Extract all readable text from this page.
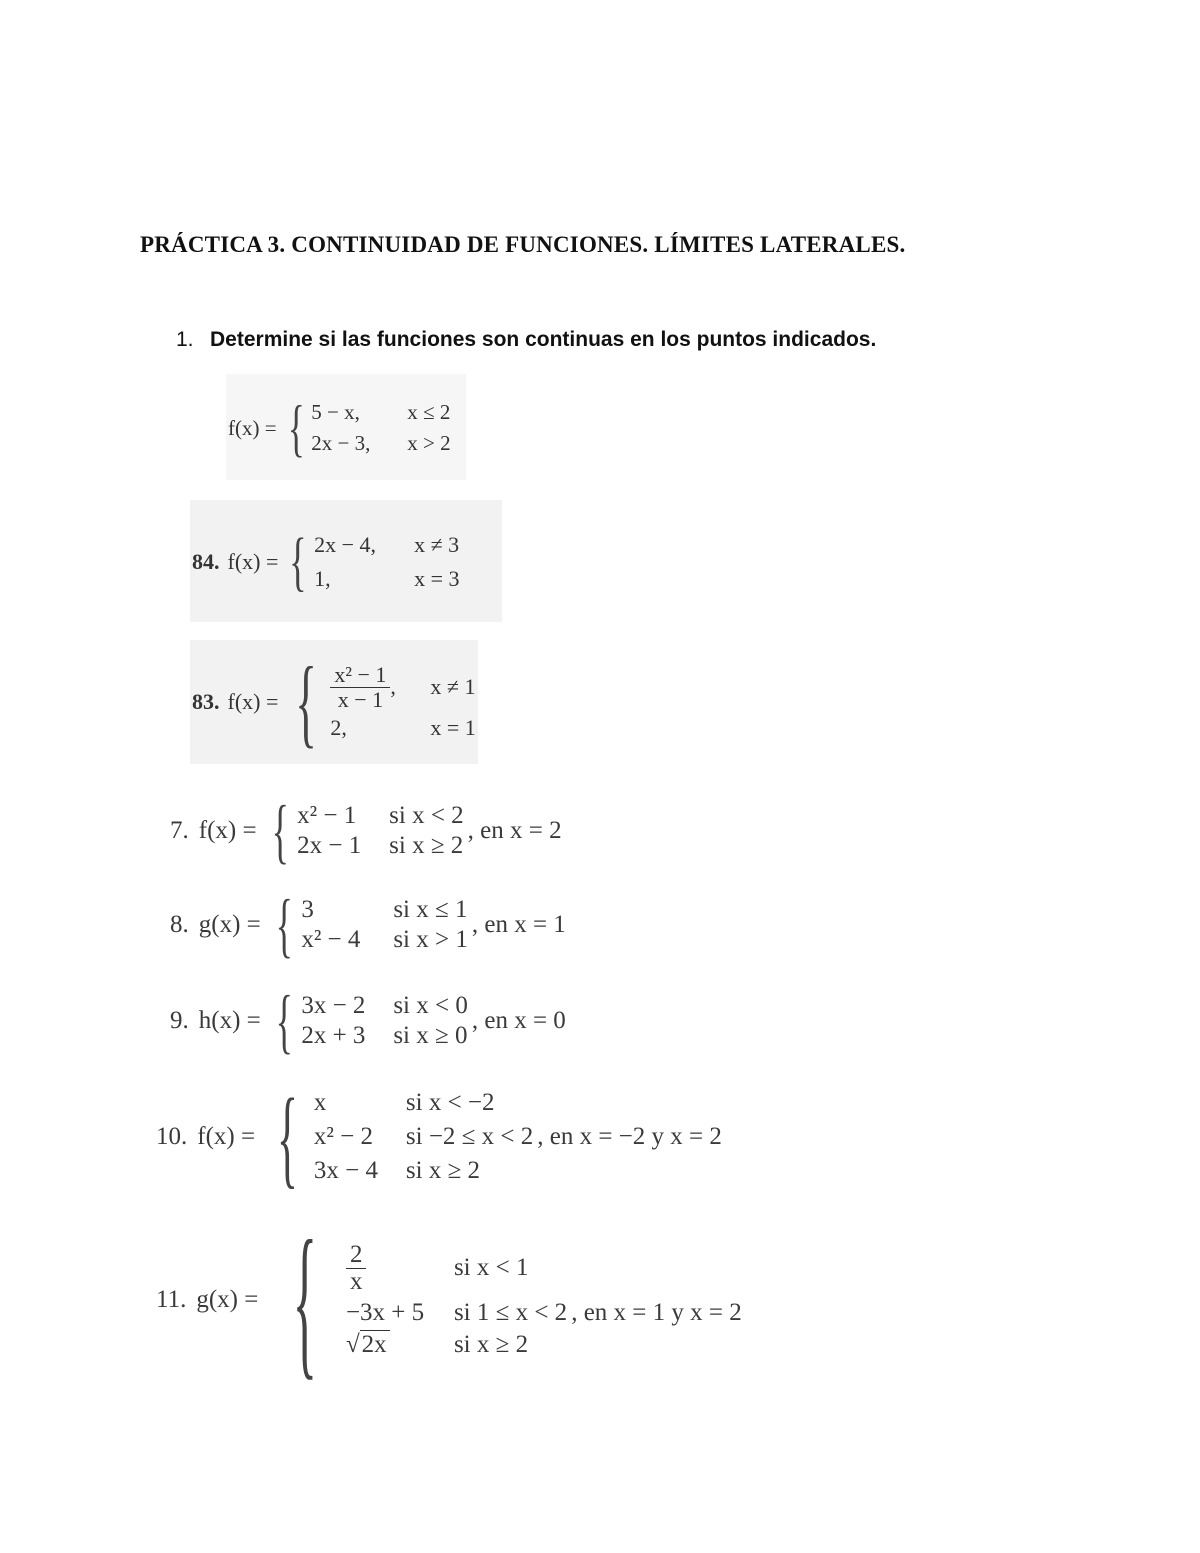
PRÁCTICA 3. CONTINUIDAD DE FUNCIONES. LÍMITES LATERALES.
1. Determine si las funciones son continuas en los puntos indicados.
f(x) = { 5 − x,	x ≤ 2
2x − 3,	x > 2
84. f(x) = { 2x − 4,	x ≠ 3
1,	x = 3
83. f(x) = { $\frac{\text{x² − 1}}{x - 1}$ , x ≠ 1
2,	x = 1
7. f(x) = { x² − 1	si x < 2
2x − 1	si x ≥ 2
, en x = 2
8. g(x) = { 3	si x ≤ 1
x² − 4	si x > 1
, en x = 1
9. h(x) = { 3x − 2	si x < 0
2x + 3	si x ≥ 0
, en x = 0
10. f(x) = { x	si x < −2
x² − 2	si −2 ≤ x < 2 , en x = −2 y x = 2
3x − 4	si x ≥ 2
11. g(x) = { $\frac{2}{x}$	si x < 1
−3x + 5	si 1 ≤ x < 2 , en x = 1 y x = 2
√2x	si x ≥ 2
